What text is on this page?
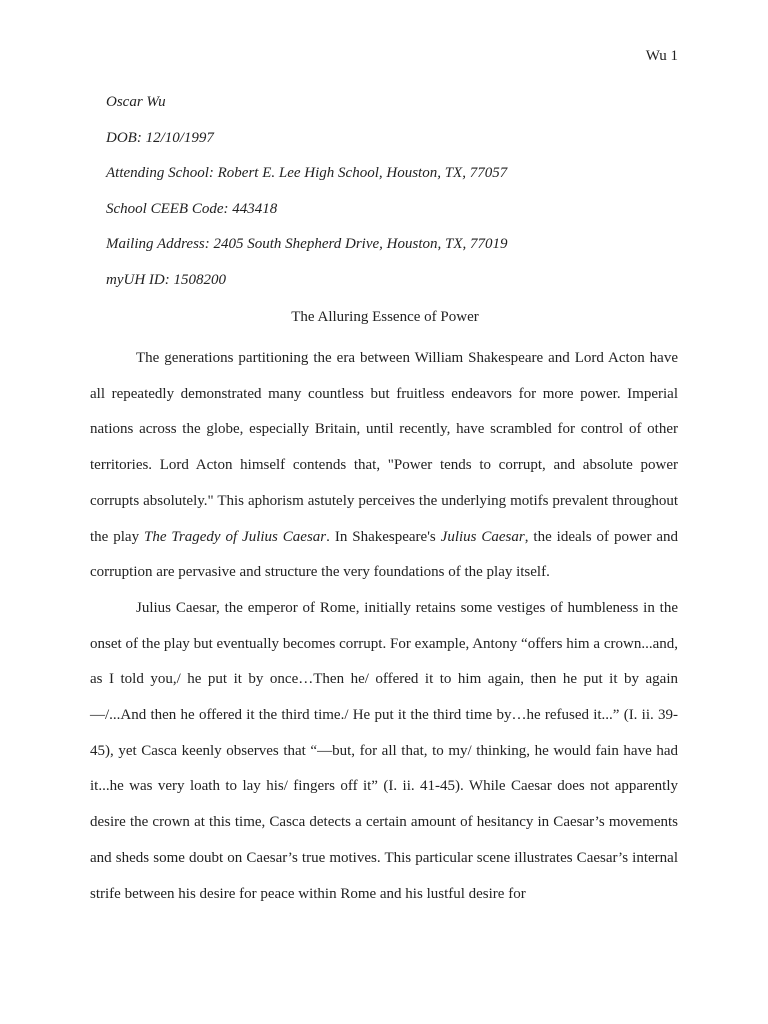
Wu 1
Oscar Wu
DOB: 12/10/1997
Attending School: Robert E. Lee High School, Houston, TX, 77057
School CEEB Code: 443418
Mailing Address: 2405 South Shepherd Drive, Houston, TX, 77019
myUH ID: 1508200
The Alluring Essence of Power

The generations partitioning the era between William Shakespeare and Lord Acton have all repeatedly demonstrated many countless but fruitless endeavors for more power. Imperial nations across the globe, especially Britain, until recently, have scrambled for control of other territories. Lord Acton himself contends that, "Power tends to corrupt, and absolute power corrupts absolutely." This aphorism astutely perceives the underlying motifs prevalent throughout the play The Tragedy of Julius Caesar. In Shakespeare's Julius Caesar, the ideals of power and corruption are pervasive and structure the very foundations of the play itself.

Julius Caesar, the emperor of Rome, initially retains some vestiges of humbleness in the onset of the play but eventually becomes corrupt. For example, Antony “offers him a crown...and, as I told you,/ he put it by once…Then he/ offered it to him again, then he put it by again—/...And then he offered it the third time./ He put it the third time by…he refused it...” (I. ii. 39-45), yet Casca keenly observes that “—but, for all that, to my/ thinking, he would fain have had it...he was very loath to lay his/ fingers off it” (I. ii. 41-45). While Caesar does not apparently desire the crown at this time, Casca detects a certain amount of hesitancy in Caesar’s movements and sheds some doubt on Caesar’s true motives. This particular scene illustrates Caesar’s internal strife between his desire for peace within Rome and his lustful desire for
